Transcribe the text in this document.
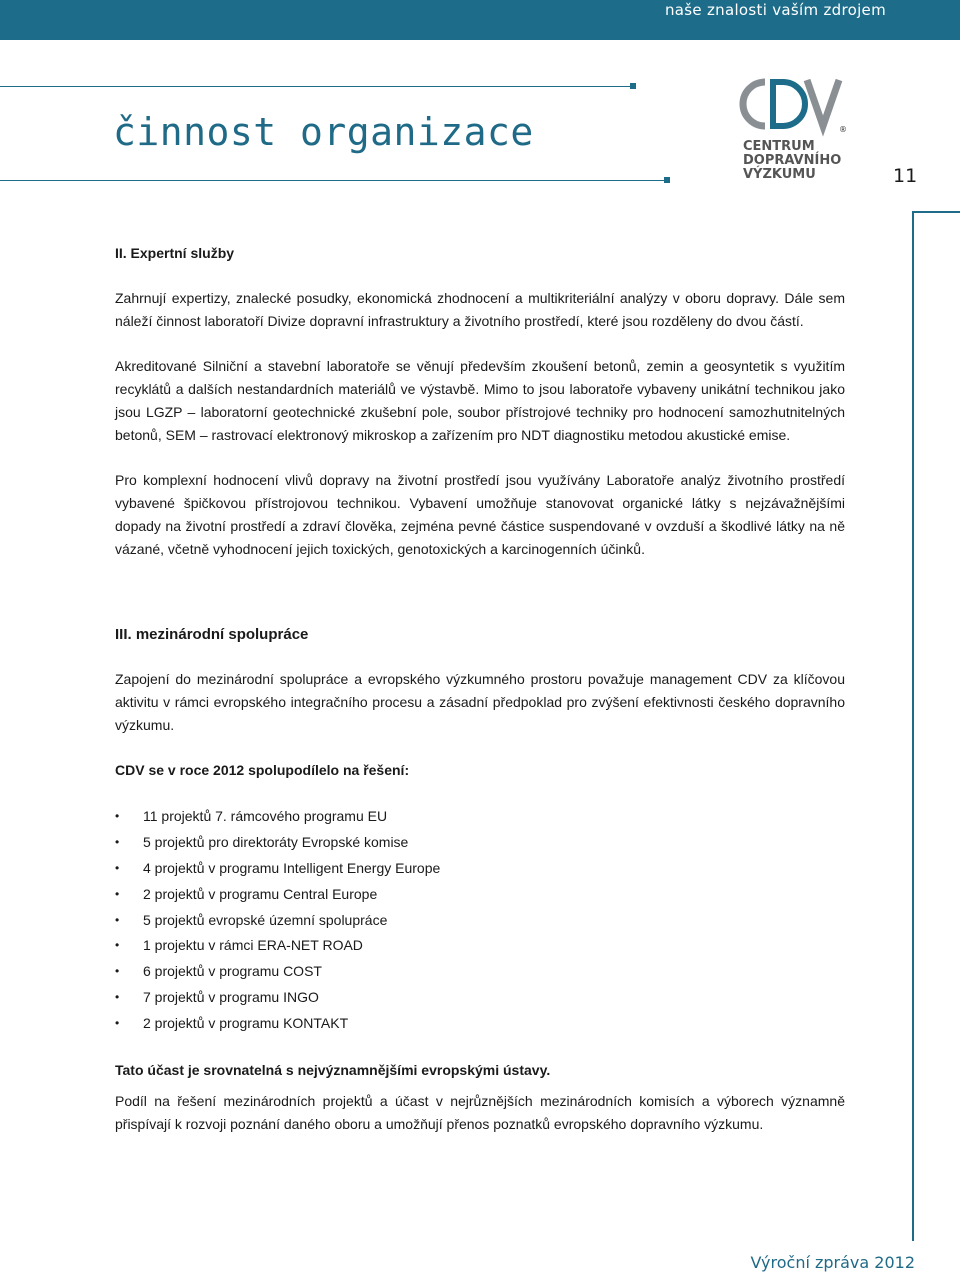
naše znalosti vaším zdrojem
činnost organizace	®
CENTRUM
DOPRAVNÍHO
VÝZKUMU	11
II. Expertní služby

Zahrnují expertizy, znalecké posudky, ekonomická zhodnocení a multikriteriální analýzy v oboru dopravy. Dále sem náleží činnost laboratoří Divize dopravní infrastruktury a životního prostředí, které jsou rozděleny do dvou částí.

Akreditované Silniční a stavební laboratoře se věnují především zkoušení betonů, zemin a geosyntetik s využitím recyklátů a dalších nestandardních materiálů ve výstavbě. Mimo to jsou laboratoře vybaveny unikátní technikou jako jsou LGZP – laboratorní geotechnické zkušební pole, soubor přístrojové techniky pro hodnocení samozhutnitelných betonů, SEM – rastrovací elektronový mikroskop a zařízením pro NDT diagnostiku metodou akustické emise.

Pro komplexní hodnocení vlivů dopravy na životní prostředí jsou využívány Laboratoře analýz životního prostředí vybavené špičkovou přístrojovou technikou. Vybavení umožňuje stanovovat organické látky s nejzávažnějšími dopady na životní prostředí a zdraví člověka, zejména pevné částice suspendované v ovzduší a škodlivé látky na ně vázané, včetně vyhodnocení jejich toxických, genotoxických a karcinogenních účinků.

III. mezinárodní spolupráce

Zapojení do mezinárodní spolupráce a evropského výzkumného prostoru považuje management CDV za klíčovou aktivitu v rámci evropského integračního procesu a zásadní předpoklad pro zvýšení efektivnosti českého dopravního výzkumu.

CDV se v roce 2012 spolupodílelo na řešení:

• 11 projektů 7. rámcového programu EU
• 5 projektů pro direktoráty Evropské komise
• 4 projektů v programu Intelligent Energy Europe
• 2 projektů v programu Central Europe
• 5 projektů evropské územní spolupráce
• 1 projektu v rámci ERA-NET ROAD
• 6 projektů v programu COST
• 7 projektů v programu INGO
• 2 projektů v programu KONTAKT

Tato účast je srovnatelná s nejvýznamnějšími evropskými ústavy.

Podíl na řešení mezinárodních projektů a účast v nejrůznějších mezinárodních komisích a výborech významně přispívají k rozvoji poznání daného oboru a umožňují přenos poznatků evropského dopravního výzkumu.

Výroční zpráva 2012
